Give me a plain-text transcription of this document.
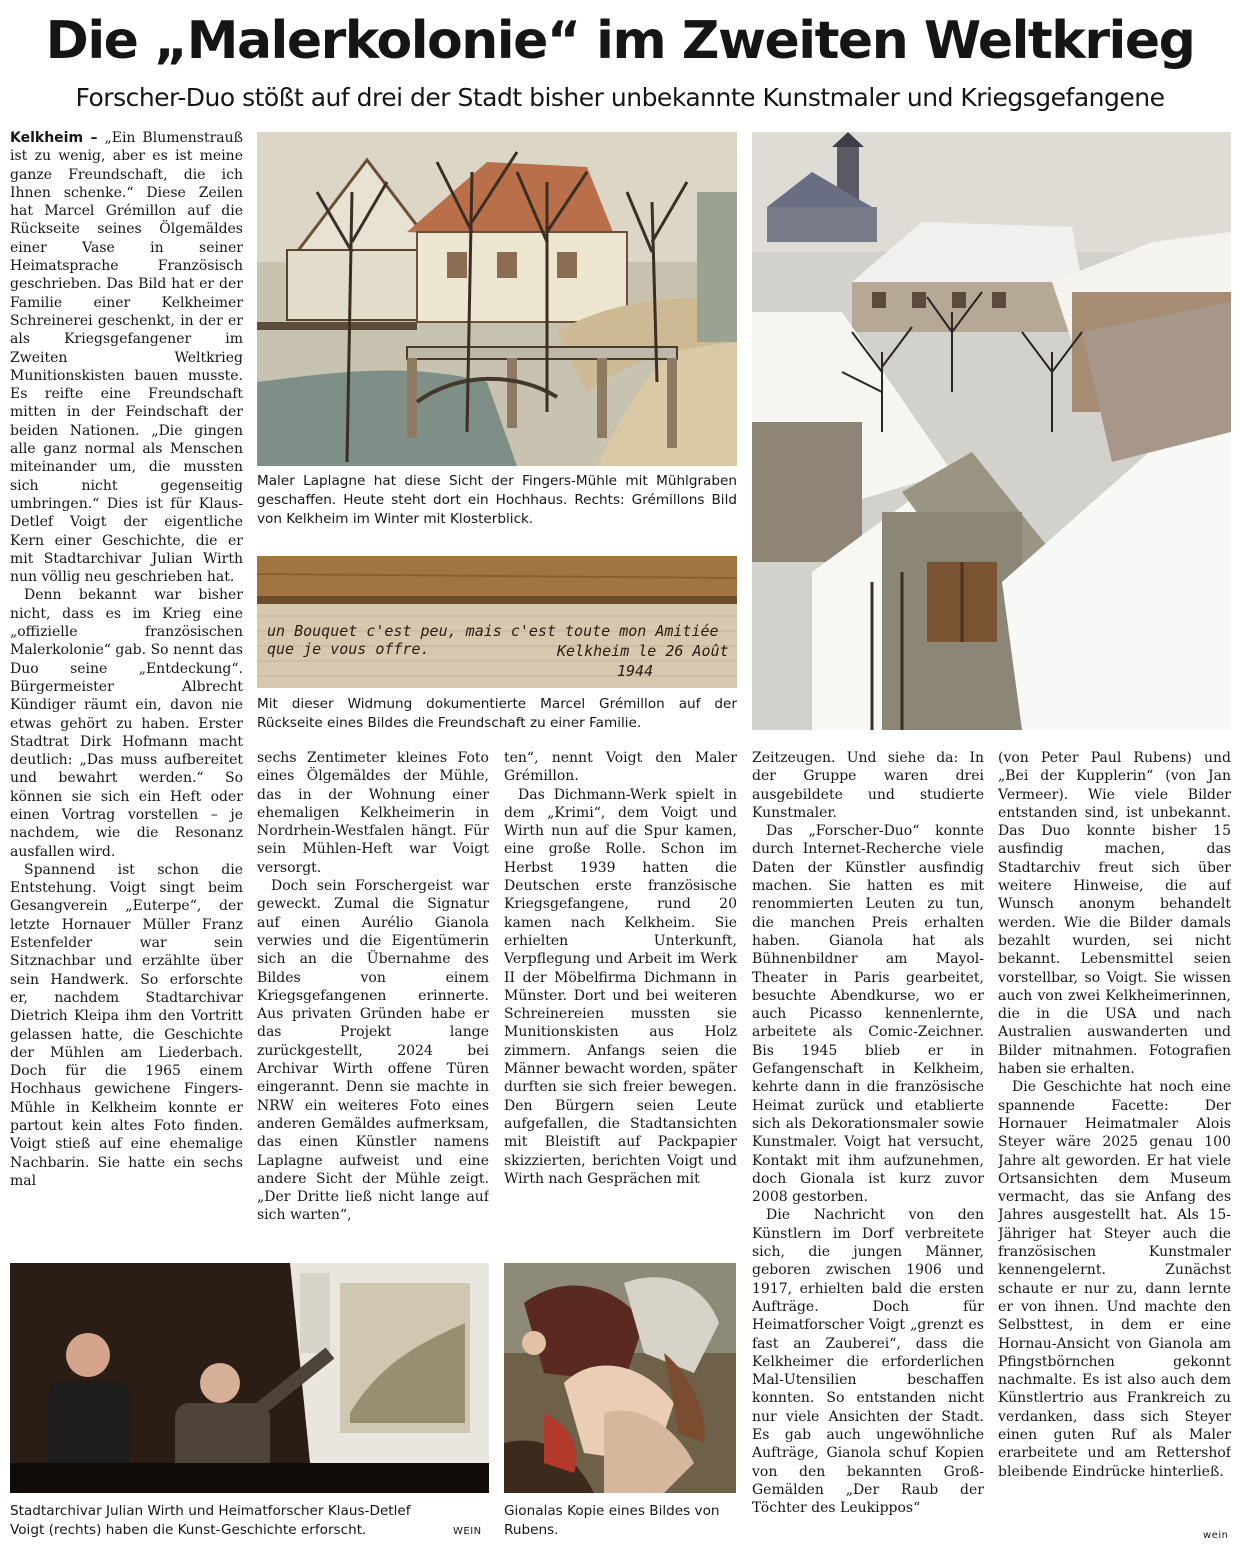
Die „Malerkolonie“ im Zweiten Weltkrieg
Forscher-Duo stößt auf drei der Stadt bisher unbekannte Kunstmaler und Kriegsgefangene
Maler Laplagne hat diese Sicht der Fingers-Mühle mit Mühlgraben geschaffen. Heute steht dort ein Hochhaus. Rechts: Grémillons Bild von Kelkheim im Winter mit Klosterblick.
un Bouquet c'est peu, mais c'est toute mon Amitiée
que je vous offre.	Kelkheim le 26 Août
1944
Mit dieser Widmung dokumentierte Marcel Grémillon auf der Rückseite eines Bildes die Freundschaft zu einer Familie.
Stadtarchivar Julian Wirth und Heimatforscher Klaus-Detlef Voigt (rechts) haben die Kunst-Geschichte erforscht.	WEIN
Gionalas Kopie eines Bildes von Rubens.

Kelkheim – „Ein Blumenstrauß ist zu wenig, aber es ist meine ganze Freundschaft, die ich Ihnen schenke.“ Diese Zeilen hat Marcel Grémillon auf die Rückseite seines Ölgemäldes einer Vase in seiner Heimatsprache Französisch geschrieben. Das Bild hat er der Familie einer Kelkheimer Schreinerei geschenkt, in der er als Kriegsgefangener im Zweiten Weltkrieg Munitionskisten bauen musste. Es reifte eine Freundschaft mitten in der Feindschaft der beiden Nationen. „Die gingen alle ganz normal als Menschen miteinander um, die mussten sich nicht gegenseitig umbringen.“ Dies ist für Klaus-Detlef Voigt der eigentliche Kern einer Geschichte, die er mit Stadtarchivar Julian Wirth nun völlig neu geschrieben hat.

Denn bekannt war bisher nicht, dass es im Krieg eine „offizielle französischen Malerkolonie“ gab. So nennt das Duo seine „Entdeckung“. Bürgermeister Albrecht Kündiger räumt ein, davon nie etwas gehört zu haben. Erster Stadtrat Dirk Hofmann macht deutlich: „Das muss aufbereitet und bewahrt werden.“ So können sie sich ein Heft oder einen Vortrag vorstellen – je nachdem, wie die Resonanz ausfallen wird.

Spannend ist schon die Entstehung. Voigt singt beim Gesangverein „Euterpe“, der letzte Hornauer Müller Franz Estenfelder war sein Sitznachbar und erzählte über sein Handwerk. So erforschte er, nachdem Stadtarchivar Dietrich Kleipa ihm den Vortritt gelassen hatte, die Geschichte der Mühlen am Liederbach. Doch für die 1965 einem Hochhaus gewichene Fingers-Mühle in Kelkheim konnte er partout kein altes Foto finden. Voigt stieß auf eine ehemalige Nachbarin. Sie hatte ein sechs mal

sechs Zentimeter kleines Foto eines Ölgemäldes der Mühle, das in der Wohnung einer ehemaligen Kelkheimerin in Nordrhein-Westfalen hängt. Für sein Mühlen-Heft war Voigt versorgt.

Doch sein Forschergeist war geweckt. Zumal die Signatur auf einen Aurélio Gianola verwies und die Eigentümerin sich an die Übernahme des Bildes von einem Kriegsgefangenen erinnerte. Aus privaten Gründen habe er das Projekt lange zurückgestellt, 2024 bei Archivar Wirth offene Türen eingerannt. Denn sie machte in NRW ein weiteres Foto eines anderen Gemäldes aufmerksam, das einen Künstler namens Laplagne aufweist und eine andere Sicht der Mühle zeigt. „Der Dritte ließ nicht lange auf sich warten“,

ten“, nennt Voigt den Maler Grémillon.

Das Dichmann-Werk spielt in dem „Krimi“, dem Voigt und Wirth nun auf die Spur kamen, eine große Rolle. Schon im Herbst 1939 hatten die Deutschen erste französische Kriegsgefangene, rund 20 kamen nach Kelkheim. Sie erhielten Unterkunft, Verpflegung und Arbeit im Werk II der Möbelfirma Dichmann in Münster. Dort und bei weiteren Schreinereien mussten sie Munitionskisten aus Holz zimmern. Anfangs seien die Männer bewacht worden, später durften sie sich freier bewegen. Den Bürgern seien Leute aufgefallen, die Stadtansichten mit Bleistift auf Packpapier skizzierten, berichten Voigt und Wirth nach Gesprächen mit

Zeitzeugen. Und siehe da: In der Gruppe waren drei ausgebildete und studierte Kunstmaler.

Das „Forscher-Duo“ konnte durch Internet-Recherche viele Daten der Künstler ausfindig machen. Sie hatten es mit renommierten Leuten zu tun, die manchen Preis erhalten haben. Gianola hat als Bühnenbildner am Mayol-Theater in Paris gearbeitet, besuchte Abendkurse, wo er auch Picasso kennenlernte, arbeitete als Comic-Zeichner. Bis 1945 blieb er in Gefangenschaft in Kelkheim, kehrte dann in die französische Heimat zurück und etablierte sich als Dekorationsmaler sowie Kunstmaler. Voigt hat versucht, Kontakt mit ihm aufzunehmen, doch Gionala ist kurz zuvor 2008 gestorben.

Die Nachricht von den Künstlern im Dorf verbreitete sich, die jungen Männer, geboren zwischen 1906 und 1917, erhielten bald die ersten Aufträge. Doch für Heimatforscher Voigt „grenzt es fast an Zauberei“, dass die Kelkheimer die erforderlichen Mal-Utensilien beschaffen konnten. So entstanden nicht nur viele Ansichten der Stadt. Es gab auch ungewöhnliche Aufträge, Gianola schuf Kopien von den bekannten Groß-Gemälden „Der Raub der Töchter des Leukippos“

(von Peter Paul Rubens) und „Bei der Kupplerin“ (von Jan Vermeer). Wie viele Bilder entstanden sind, ist unbekannt. Das Duo konnte bisher 15 ausfindig machen, das Stadtarchiv freut sich über weitere Hinweise, die auf Wunsch anonym behandelt werden. Wie die Bilder damals bezahlt wurden, sei nicht bekannt. Lebensmittel seien vorstellbar, so Voigt. Sie wissen auch von zwei Kelkheimerinnen, die in die USA und nach Australien auswanderten und Bilder mitnahmen. Fotografien haben sie erhalten.

Die Geschichte hat noch eine spannende Facette: Der Hornauer Heimatmaler Alois Steyer wäre 2025 genau 100 Jahre alt geworden. Er hat viele Ortsansichten dem Museum vermacht, das sie Anfang des Jahres ausgestellt hat. Als 15-Jähriger hat Steyer auch die französischen Kunstmaler kennengelernt. Zunächst schaute er nur zu, dann lernte er von ihnen. Und machte den Selbsttest, in dem er eine Hornau-Ansicht von Gianola am Pfingstbörnchen gekonnt nachmalte. Es ist also auch dem Künstlertrio aus Frankreich zu verdanken, dass sich Steyer einen guten Ruf als Maler erarbeitete und am Rettershof bleibende Eindrücke hinterließ.

wein
